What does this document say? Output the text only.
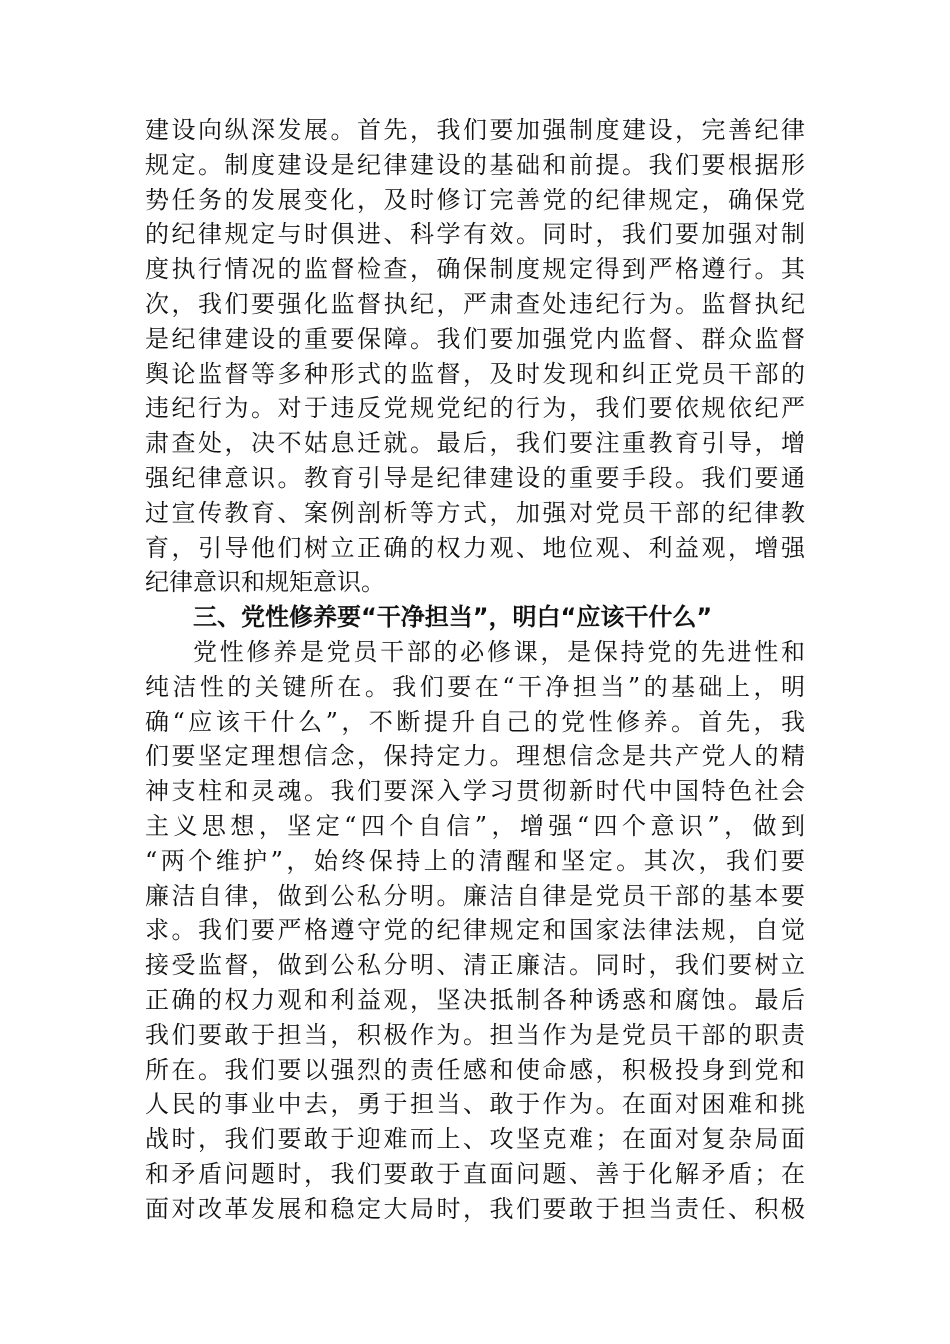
建设向纵深发展。首先，我们要加强制度建设，完善纪律
规定。制度建设是纪律建设的基础和前提。我们要根据形
势任务的发展变化，及时修订完善党的纪律规定，确保党
的纪律规定与时俱进、科学有效。同时，我们要加强对制
度执行情况的监督检查，确保制度规定得到严格遵行。其
次，我们要强化监督执纪，严肃查处违纪行为。监督执纪
是纪律建设的重要保障。我们要加强党内监督、群众监督
舆论监督等多种形式的监督，及时发现和纠正党员干部的
违纪行为。对于违反党规党纪的行为，我们要依规依纪严
肃查处，决不姑息迁就。最后，我们要注重教育引导，增
强纪律意识。教育引导是纪律建设的重要手段。我们要通
过宣传教育、案例剖析等方式，加强对党员干部的纪律教
育，引导他们树立正确的权力观、地位观、利益观，增强
纪律意识和规矩意识。
三、党性修养要“干净担当”，明白“应该干什么”
党性修养是党员干部的必修课，是保持党的先进性和
纯洁性的关键所在。我们要在“干净担当”的基础上，明
确“应该干什么”，不断提升自己的党性修养。首先，我
们要坚定理想信念，保持定力。理想信念是共产党人的精
神支柱和灵魂。我们要深入学习贯彻新时代中国特色社会
主义思想，坚定“四个自信”，增强“四个意识”，做到
“两个维护”，始终保持上的清醒和坚定。其次，我们要
廉洁自律，做到公私分明。廉洁自律是党员干部的基本要
求。我们要严格遵守党的纪律规定和国家法律法规，自觉
接受监督，做到公私分明、清正廉洁。同时，我们要树立
正确的权力观和利益观，坚决抵制各种诱惑和腐蚀。最后
我们要敢于担当，积极作为。担当作为是党员干部的职责
所在。我们要以强烈的责任感和使命感，积极投身到党和
人民的事业中去，勇于担当、敢于作为。在面对困难和挑
战时，我们要敢于迎难而上、攻坚克难；在面对复杂局面
和矛盾问题时，我们要敢于直面问题、善于化解矛盾；在
面对改革发展和稳定大局时，我们要敢于担当责任、积极
